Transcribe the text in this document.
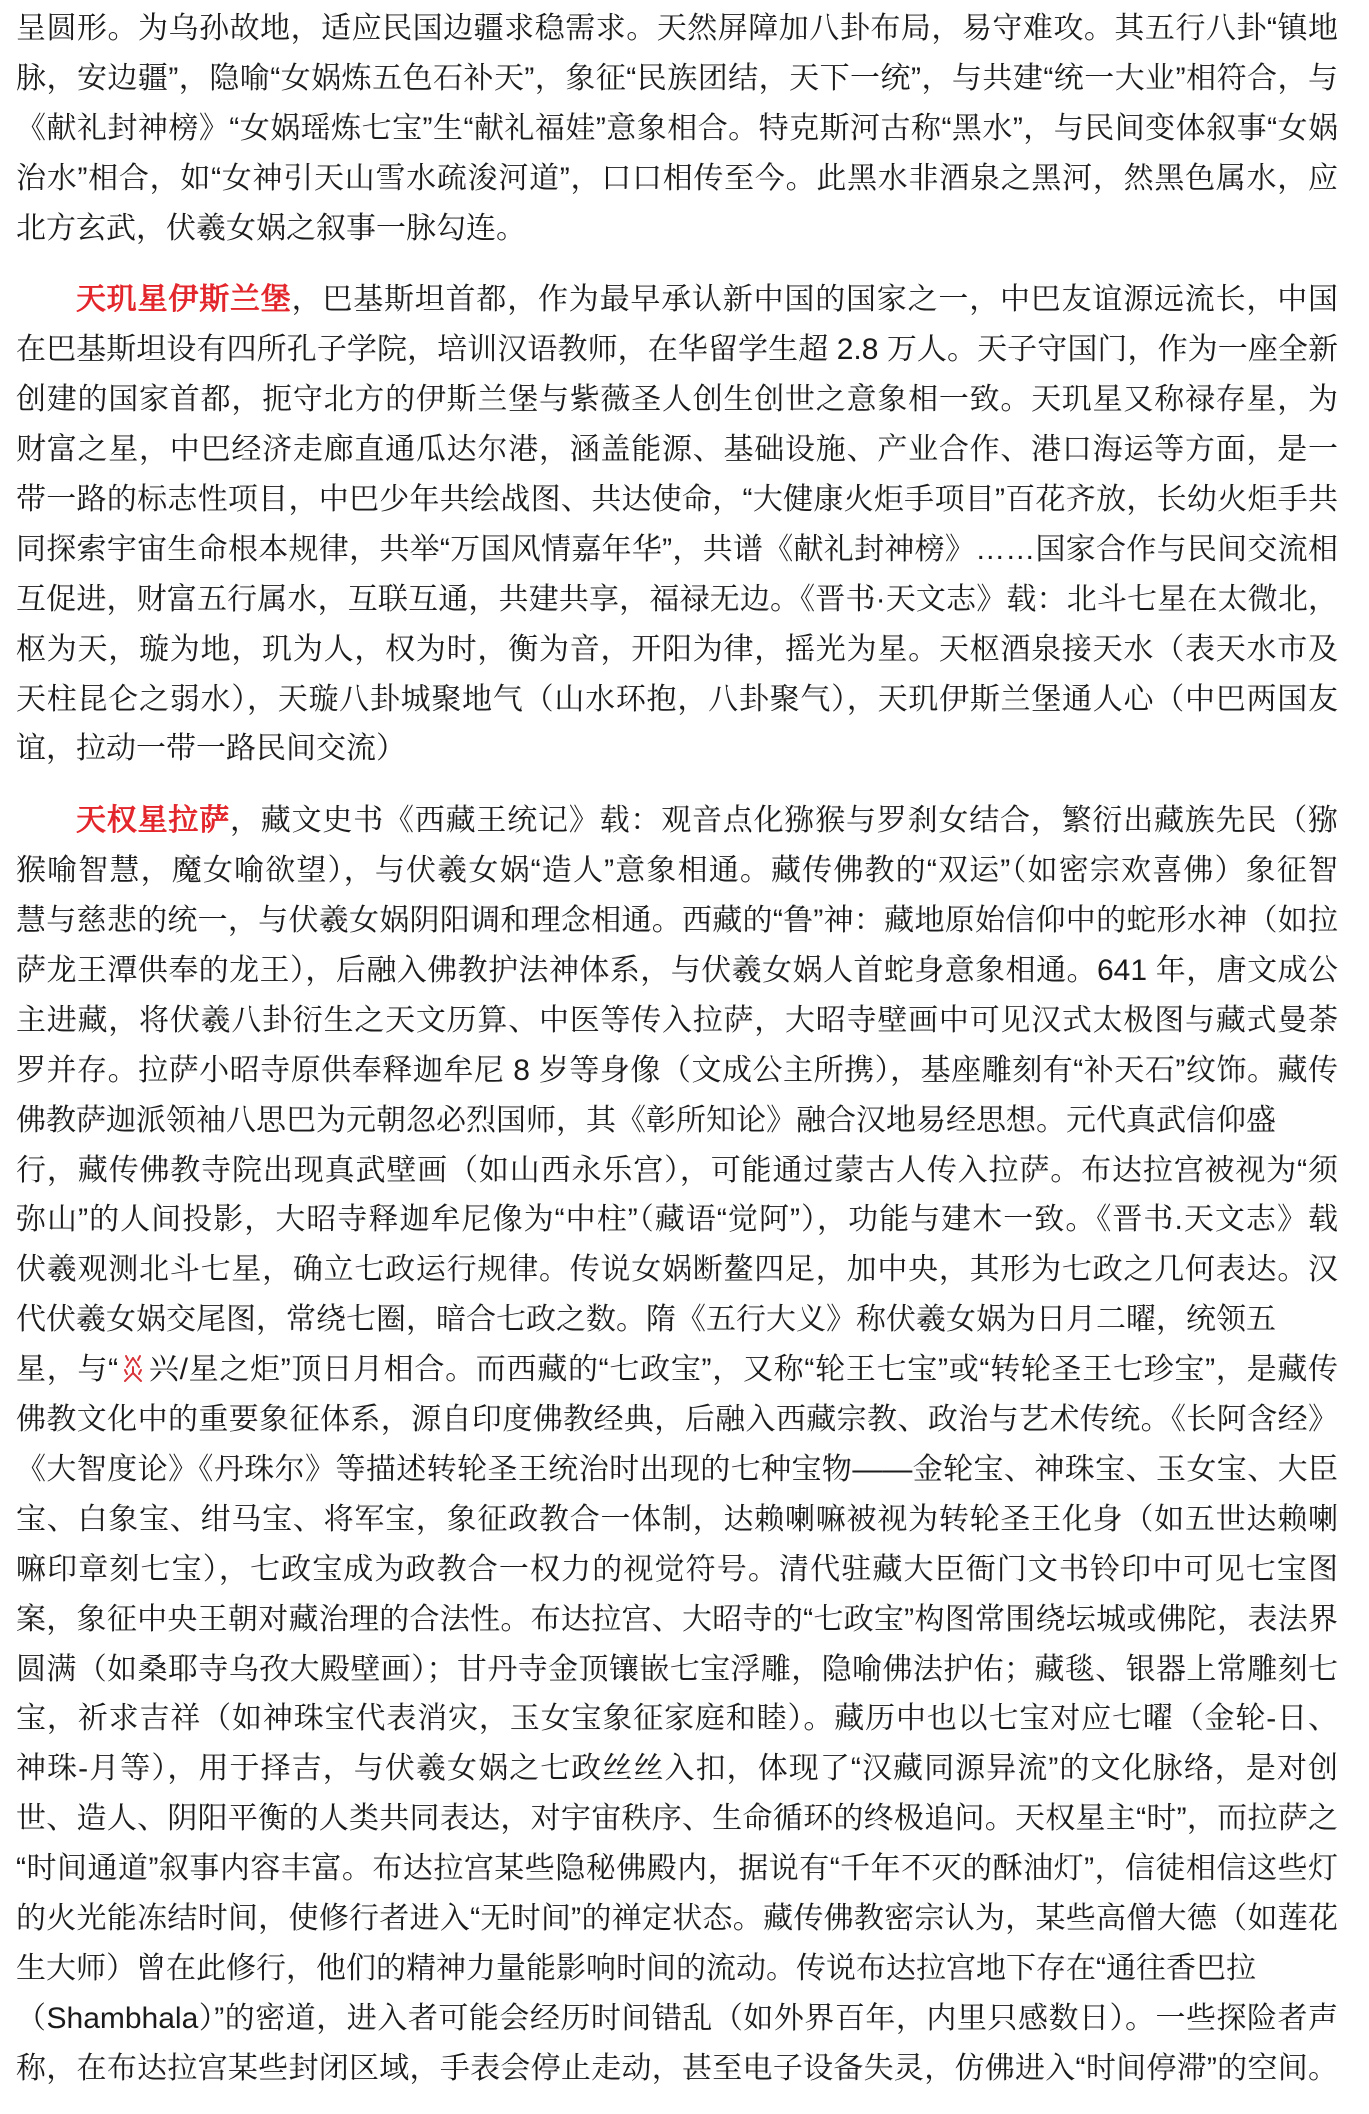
呈圆形。为乌孙故地，适应民国边疆求稳需求。天然屏障加八卦布局，易守难攻。其五行八卦“镇地
脉，安边疆”，隐喻“女娲炼五色石补天”，象征“民族团结，天下一统”，与共建“统一大业”相符合，与
《献礼封神榜》“女娲瑶炼七宝”生“献礼福娃”意象相合。特克斯河古称“黑水”，与民间变体叙事“女娲
治水”相合，如“女神引天山雪水疏浚河道”，口口相传至今。此黑水非酒泉之黑河，然黑色属水，应
北方玄武，伏羲女娲之叙事一脉勾连。
天玑星伊斯兰堡，巴基斯坦首都，作为最早承认新中国的国家之一，中巴友谊源远流长，中国
在巴基斯坦设有四所孔子学院，培训汉语教师，在华留学生超 2.8 万人。天子守国门，作为一座全新
创建的国家首都，扼守北方的伊斯兰堡与紫薇圣人创生创世之意象相一致。天玑星又称禄存星，为
财富之星，中巴经济走廊直通瓜达尔港，涵盖能源、基础设施、产业合作、港口海运等方面，是一
带一路的标志性项目，中巴少年共绘战图、共达使命，“大健康火炬手项目”百花齐放，长幼火炬手共
同探索宇宙生命根本规律，共举“万国风情嘉年华”，共谱《献礼封神榜》……国家合作与民间交流相
互促进，财富五行属水，互联互通，共建共享，福禄无边。《晋书·天文志》载：北斗七星在太微北，
枢为天，璇为地，玑为人，权为时，衡为音，开阳为律，摇光为星。天枢酒泉接天水（表天水市及
天柱昆仑之弱水），天璇八卦城聚地气（山水环抱，八卦聚气），天玑伊斯兰堡通人心（中巴两国友
谊，拉动一带一路民间交流）
天权星拉萨，藏文史书《西藏王统记》载：观音点化猕猴与罗刹女结合，繁衍出藏族先民（猕
猴喻智慧，魔女喻欲望），与伏羲女娲“造人”意象相通。藏传佛教的“双运”（如密宗欢喜佛）象征智
慧与慈悲的统一，与伏羲女娲阴阳调和理念相通。西藏的“鲁”神：藏地原始信仰中的蛇形水神（如拉
萨龙王潭供奉的龙王），后融入佛教护法神体系，与伏羲女娲人首蛇身意象相通。641 年，唐文成公
主进藏，将伏羲八卦衍生之天文历算、中医等传入拉萨，大昭寺壁画中可见汉式太极图与藏式曼荼
罗并存。拉萨小昭寺原供奉释迦牟尼 8 岁等身像（文成公主所携），基座雕刻有“补天石”纹饰。藏传
佛教萨迦派领袖八思巴为元朝忽必烈国师，其《彰所知论》融合汉地易经思想。元代真武信仰盛
行，藏传佛教寺院出现真武壁画（如山西永乐宫），可能通过蒙古人传入拉萨。布达拉宫被视为“须
弥山”的人间投影，大昭寺释迦牟尼像为“中柱”（藏语“觉阿”），功能与建木一致。《晋书.天文志》载
伏羲观测北斗七星，确立七政运行规律。传说女娲断鳌四足，加中央，其形为七政之几何表达。汉
代伏羲女娲交尾图，常绕七圈，暗合七政之数。隋《五行大义》称伏羲女娲为日月二曜，统领五
星，与“ 兴/星之炬”顶日月相合。而西藏的“七政宝”，又称“轮王七宝”或“转轮圣王七珍宝”，是藏传
佛教文化中的重要象征体系，源自印度佛教经典，后融入西藏宗教、政治与艺术传统。《长阿含经》
《大智度论》《丹珠尔》等描述转轮圣王统治时出现的七种宝物——金轮宝、神珠宝、玉女宝、大臣
宝、白象宝、绀马宝、将军宝，象征政教合一体制，达赖喇嘛被视为转轮圣王化身（如五世达赖喇
嘛印章刻七宝），七政宝成为政教合一权力的视觉符号。清代驻藏大臣衙门文书铃印中可见七宝图
案，象征中央王朝对藏治理的合法性。布达拉宫、大昭寺的“七政宝”构图常围绕坛城或佛陀，表法界
圆满（如桑耶寺乌孜大殿壁画）；甘丹寺金顶镶嵌七宝浮雕，隐喻佛法护佑；藏毯、银器上常雕刻七
宝，祈求吉祥（如神珠宝代表消灾，玉女宝象征家庭和睦）。藏历中也以七宝对应七曜（金轮-日、
神珠-月等），用于择吉，与伏羲女娲之七政丝丝入扣，体现了“汉藏同源异流”的文化脉络，是对创
世、造人、阴阳平衡的人类共同表达，对宇宙秩序、生命循环的终极追问。天权星主“时”，而拉萨之
“时间通道”叙事内容丰富。布达拉宫某些隐秘佛殿内，据说有“千年不灭的酥油灯”，信徒相信这些灯
的火光能冻结时间，使修行者进入“无时间”的禅定状态。藏传佛教密宗认为，某些高僧大德（如莲花
生大师）曾在此修行，他们的精神力量能影响时间的流动。传说布达拉宫地下存在“通往香巴拉
（Shambhala）”的密道，进入者可能会经历时间错乱（如外界百年，内里只感数日）。一些探险者声
称，在布达拉宫某些封闭区域，手表会停止走动，甚至电子设备失灵，仿佛进入“时间停滞”的空间。
